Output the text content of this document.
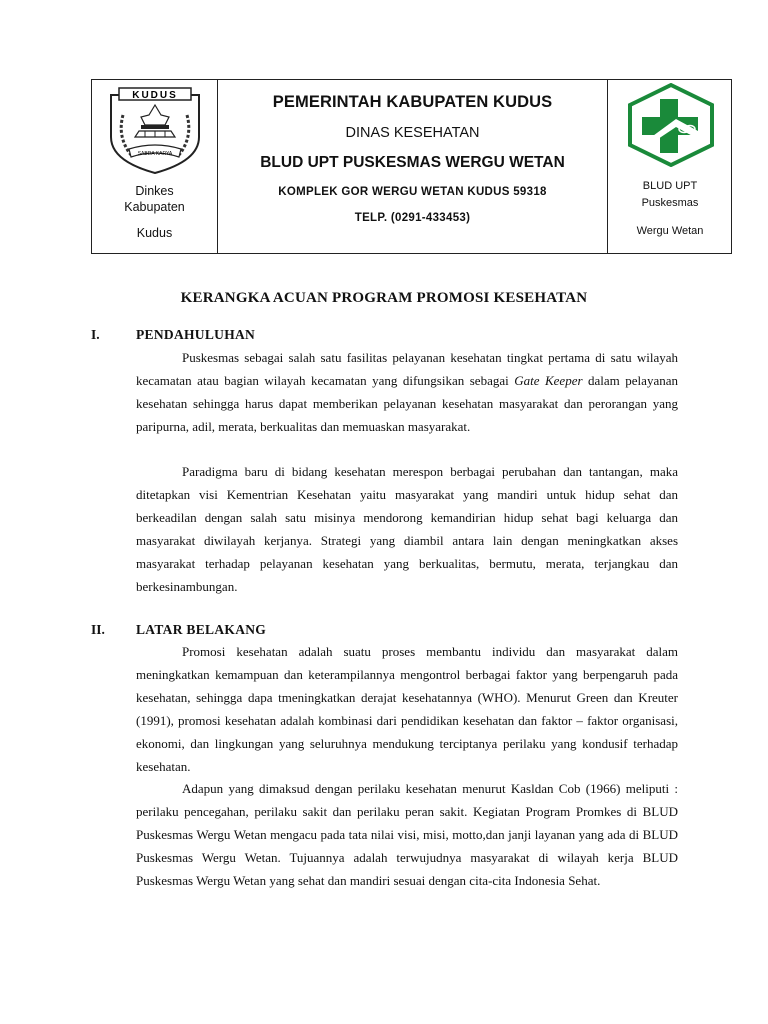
KUDUS
SABDA KARYA
Dinkes
Kabupaten
Kudus
PEMERINTAH KABUPATEN KUDUS
DINAS KESEHATAN
BLUD UPT PUSKESMAS WERGU WETAN
KOMPLEK GOR WERGU WETAN KUDUS 59318
TELP. (0291-433453)
BLUD UPT
Puskesmas
Wergu Wetan
KERANGKA ACUAN PROGRAM PROMOSI KESEHATAN
I.	PENDAHULUHAN

Puskesmas sebagai salah satu fasilitas pelayanan kesehatan tingkat pertama di satu wilayah kecamatan atau bagian wilayah kecamatan yang difungsikan sebagai Gate Keeper dalam pelayanan kesehatan sehingga harus dapat memberikan pelayanan kesehatan masyarakat dan perorangan yang paripurna, adil, merata, berkualitas dan memuaskan masyarakat.

Paradigma baru di bidang kesehatan merespon berbagai perubahan dan tantangan, maka ditetapkan visi Kementrian Kesehatan yaitu masyarakat yang mandiri untuk hidup sehat dan berkeadilan dengan salah satu misinya mendorong kemandirian hidup sehat bagi keluarga dan masyarakat diwilayah kerjanya. Strategi yang diambil antara lain dengan meningkatkan akses masyarakat terhadap pelayanan kesehatan yang berkualitas, bermutu, merata, terjangkau dan berkesinambungan.

II. LATAR BELAKANG

Promosi kesehatan adalah suatu proses membantu individu dan masyarakat dalam meningkatkan kemampuan dan keterampilannya mengontrol berbagai faktor yang berpengaruh pada kesehatan, sehingga dapa tmeningkatkan derajat kesehatannya (WHO). Menurut Green dan Kreuter (1991), promosi kesehatan adalah kombinasi dari pendidikan kesehatan dan faktor – faktor organisasi, ekonomi, dan lingkungan yang seluruhnya mendukung terciptanya perilaku yang kondusif terhadap kesehatan.

Adapun yang dimaksud dengan perilaku kesehatan menurut Kasldan Cob (1966) meliputi : perilaku pencegahan, perilaku sakit dan perilaku peran sakit. Kegiatan Program Promkes di BLUD Puskesmas Wergu Wetan mengacu pada tata nilai visi, misi, motto,dan janji layanan yang ada di BLUD Puskesmas Wergu Wetan. Tujuannya adalah terwujudnya masyarakat di wilayah kerja BLUD Puskesmas Wergu Wetan yang sehat dan mandiri sesuai dengan cita-cita Indonesia Sehat.
